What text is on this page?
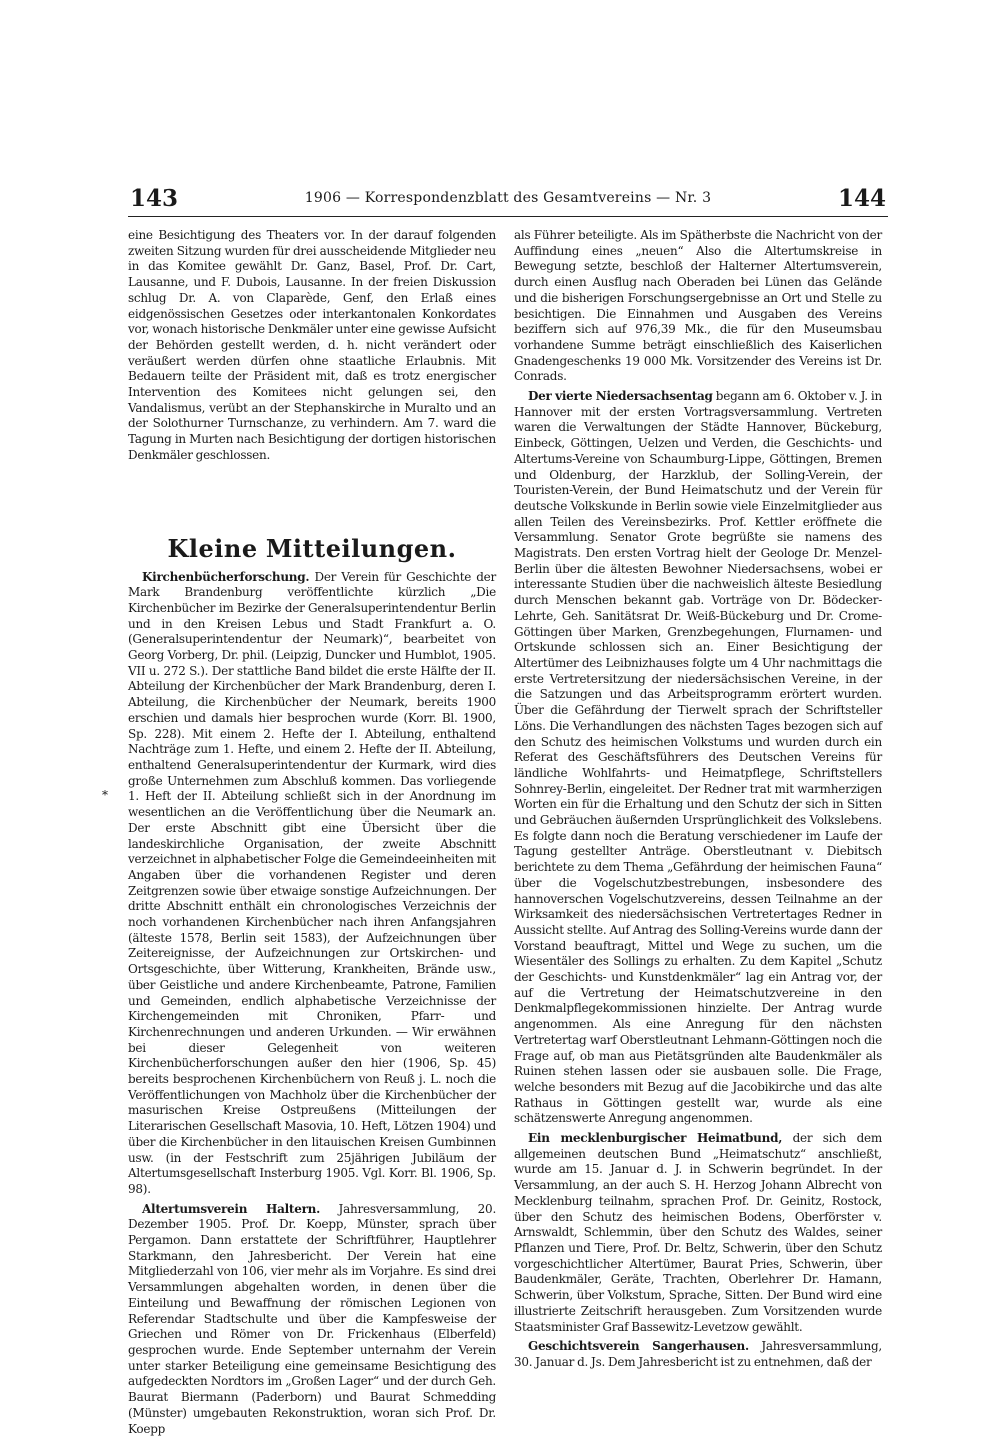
143	1906 — Korrespondenzblatt des Gesamtvereins — Nr. 3	144
*

eine Besichtigung des Theaters vor. In der darauf folgenden zweiten Sitzung wurden für drei ausscheidende Mitglieder neu in das Komitee gewählt Dr. Ganz, Basel, Prof. Dr. Cart, Lausanne, und F. Dubois, Lausanne. In der freien Diskussion schlug Dr. A. von Claparède, Genf, den Erlaß eines eidgenössischen Gesetzes oder interkantonalen Konkordates vor, wonach historische Denkmäler unter eine gewisse Aufsicht der Behörden gestellt werden, d. h. nicht verändert oder veräußert werden dürfen ohne staatliche Erlaubnis. Mit Bedauern teilte der Präsident mit, daß es trotz energischer Intervention des Komitees nicht gelungen sei, den Vandalismus, verübt an der Stephanskirche in Muralto und an der Solothurner Turnschanze, zu verhindern. Am 7. ward die Tagung in Murten nach Besichtigung der dortigen historischen Denkmäler geschlossen.

Kleine Mitteilungen.

Kirchenbücherforschung. Der Verein für Geschichte der Mark Brandenburg veröffentlichte kürzlich „Die Kirchenbücher im Bezirke der Generalsuperintendentur Berlin und in den Kreisen Lebus und Stadt Frankfurt a. O. (Generalsuperintendentur der Neumark)“, bearbeitet von Georg Vorberg, Dr. phil. (Leipzig, Duncker und Humblot, 1905. VII u. 272 S.). Der stattliche Band bildet die erste Hälfte der II. Abteilung der Kirchenbücher der Mark Brandenburg, deren I. Abteilung, die Kirchenbücher der Neumark, bereits 1900 erschien und damals hier besprochen wurde (Korr. Bl. 1900, Sp. 228). Mit einem 2. Hefte der I. Abteilung, enthaltend Nachträge zum 1. Hefte, und einem 2. Hefte der II. Abteilung, enthaltend Generalsuperintendentur der Kurmark, wird dies große Unternehmen zum Abschluß kommen. Das vorliegende 1. Heft der II. Abteilung schließt sich in der Anordnung im wesentlichen an die Veröffentlichung über die Neumark an. Der erste Abschnitt gibt eine Übersicht über die landeskirchliche Organisation, der zweite Abschnitt verzeichnet in alphabetischer Folge die Gemeindeeinheiten mit Angaben über die vorhandenen Register und deren Zeitgrenzen sowie über etwaige sonstige Aufzeichnungen. Der dritte Abschnitt enthält ein chronologisches Verzeichnis der noch vorhandenen Kirchenbücher nach ihren Anfangsjahren (älteste 1578, Berlin seit 1583), der Aufzeichnungen über Zeitereignisse, der Aufzeichnungen zur Ortskirchen- und Ortsgeschichte, über Witterung, Krankheiten, Brände usw., über Geistliche und andere Kirchenbeamte, Patrone, Familien und Gemeinden, endlich alphabetische Verzeichnisse der Kirchengemeinden mit Chroniken, Pfarr- und Kirchenrechnungen und anderen Urkunden. — Wir erwähnen bei dieser Gelegenheit von weiteren Kirchenbücherforschungen außer den hier (1906, Sp. 45) bereits besprochenen Kirchenbüchern von Reuß j. L. noch die Veröffentlichungen von Machholz über die Kirchenbücher der masurischen Kreise Ostpreußens (Mitteilungen der Literarischen Gesellschaft Masovia, 10. Heft, Lötzen 1904) und über die Kirchenbücher in den litauischen Kreisen Gumbinnen usw. (in der Festschrift zum 25jährigen Jubiläum der Altertumsgesellschaft Insterburg 1905. Vgl. Korr. Bl. 1906, Sp. 98).

Altertumsverein Haltern. Jahresversammlung, 20. Dezember 1905. Prof. Dr. Koepp, Münster, sprach über Pergamon. Dann erstattete der Schriftführer, Hauptlehrer Starkmann, den Jahresbericht. Der Verein hat eine Mitgliederzahl von 106, vier mehr als im Vorjahre. Es sind drei Versammlungen abgehalten worden, in denen über die Einteilung und Bewaffnung der römischen Legionen von Referendar Stadtschulte und über die Kampfesweise der Griechen und Römer von Dr. Frickenhaus (Elberfeld) gesprochen wurde. Ende September unternahm der Verein unter starker Beteiligung eine gemeinsame Besichtigung des aufgedeckten Nordtors im „Großen Lager“ und der durch Geh. Baurat Biermann (Paderborn) und Baurat Schmedding (Münster) umgebauten Rekonstruktion, woran sich Prof. Dr. Koepp

als Führer beteiligte. Als im Spätherbste die Nachricht von der Auffindung eines „neuen“ Also die Altertumskreise in Bewegung setzte, beschloß der Halterner Altertumsverein, durch einen Ausflug nach Oberaden bei Lünen das Gelände und die bisherigen Forschungsergebnisse an Ort und Stelle zu besichtigen. Die Einnahmen und Ausgaben des Vereins beziffern sich auf 976,39 Mk., die für den Museumsbau vorhandene Summe beträgt einschließlich des Kaiserlichen Gnadengeschenks 19 000 Mk. Vorsitzender des Vereins ist Dr. Conrads.

Der vierte Niedersachsentag begann am 6. Oktober v. J. in Hannover mit der ersten Vortragsversammlung. Vertreten waren die Verwaltungen der Städte Hannover, Bückeburg, Einbeck, Göttingen, Uelzen und Verden, die Geschichts- und Altertums-Vereine von Schaumburg-Lippe, Göttingen, Bremen und Oldenburg, der Harzklub, der Solling-Verein, der Touristen-Verein, der Bund Heimatschutz und der Verein für deutsche Volkskunde in Berlin sowie viele Einzelmitglieder aus allen Teilen des Vereinsbezirks. Prof. Kettler eröffnete die Versammlung. Senator Grote begrüßte sie namens des Magistrats. Den ersten Vortrag hielt der Geologe Dr. Menzel-Berlin über die ältesten Bewohner Niedersachsens, wobei er interessante Studien über die nachweislich älteste Besiedlung durch Menschen bekannt gab. Vorträge von Dr. Bödecker-Lehrte, Geh. Sanitätsrat Dr. Weiß-Bückeburg und Dr. Crome-Göttingen über Marken, Grenzbegehungen, Flurnamen- und Ortskunde schlossen sich an. Einer Besichtigung der Altertümer des Leibnizhauses folgte um 4 Uhr nachmittags die erste Vertretersitzung der niedersächsischen Vereine, in der die Satzungen und das Arbeitsprogramm erörtert wurden. Über die Gefährdung der Tierwelt sprach der Schriftsteller Löns. Die Verhandlungen des nächsten Tages bezogen sich auf den Schutz des heimischen Volkstums und wurden durch ein Referat des Geschäftsführers des Deutschen Vereins für ländliche Wohlfahrts- und Heimatpflege, Schriftstellers Sohnrey-Berlin, eingeleitet. Der Redner trat mit warmherzigen Worten ein für die Erhaltung und den Schutz der sich in Sitten und Gebräuchen äußernden Ursprünglichkeit des Volkslebens. Es folgte dann noch die Beratung verschiedener im Laufe der Tagung gestellter Anträge. Oberstleutnant v. Diebitsch berichtete zu dem Thema „Gefährdung der heimischen Fauna“ über die Vogelschutzbestrebungen, insbesondere des hannoverschen Vogelschutzvereins, dessen Teilnahme an der Wirksamkeit des niedersächsischen Vertretertages Redner in Aussicht stellte. Auf Antrag des Solling-Vereins wurde dann der Vorstand beauftragt, Mittel und Wege zu suchen, um die Wiesentäler des Sollings zu erhalten. Zu dem Kapitel „Schutz der Geschichts- und Kunstdenkmäler“ lag ein Antrag vor, der auf die Vertretung der Heimatschutzvereine in den Denkmalpflegekommissionen hinzielte. Der Antrag wurde angenommen. Als eine Anregung für den nächsten Vertretertag warf Oberstleutnant Lehmann-Göttingen noch die Frage auf, ob man aus Pietätsgründen alte Baudenkmäler als Ruinen stehen lassen oder sie ausbauen solle. Die Frage, welche besonders mit Bezug auf die Jacobikirche und das alte Rathaus in Göttingen gestellt war, wurde als eine schätzenswerte Anregung angenommen.

Ein mecklenburgischer Heimatbund, der sich dem allgemeinen deutschen Bund „Heimatschutz“ anschließt, wurde am 15. Januar d. J. in Schwerin begründet. In der Versammlung, an der auch S. H. Herzog Johann Albrecht von Mecklenburg teilnahm, sprachen Prof. Dr. Geinitz, Rostock, über den Schutz des heimischen Bodens, Oberförster v. Arnswaldt, Schlemmin, über den Schutz des Waldes, seiner Pflanzen und Tiere, Prof. Dr. Beltz, Schwerin, über den Schutz vorgeschichtlicher Altertümer, Baurat Pries, Schwerin, über Baudenkmäler, Geräte, Trachten, Oberlehrer Dr. Hamann, Schwerin, über Volkstum, Sprache, Sitten. Der Bund wird eine illustrierte Zeitschrift herausgeben. Zum Vorsitzenden wurde Staatsminister Graf Bassewitz-Levetzow gewählt.

Geschichtsverein Sangerhausen. Jahresversammlung, 30. Januar d. Js. Dem Jahresbericht ist zu entnehmen, daß der
